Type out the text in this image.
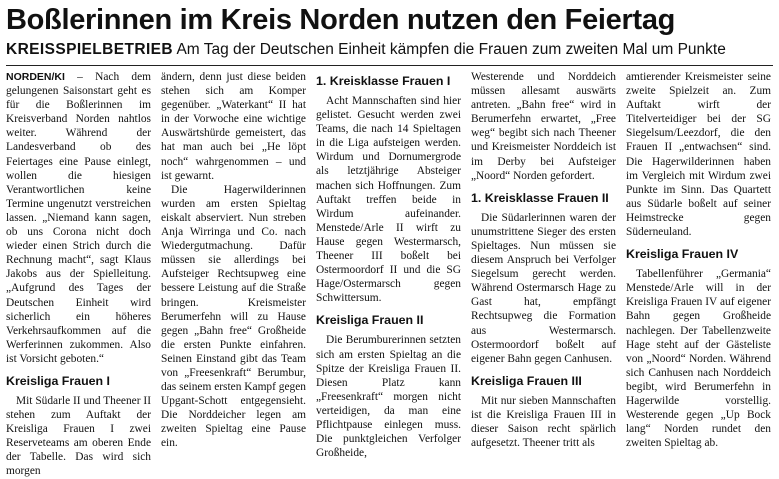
Boßlerinnen im Kreis Norden nutzen den Feiertag
KREISSPIELBETRIEB Am Tag der Deutschen Einheit kämpfen die Frauen zum zweiten Mal um Punkte

NORDEN/KI – Nach dem gelungenen Saisonstart geht es für die Boßlerinnen im Kreisverband Norden nahtlos weiter. Während der Landesverband ob des Feiertages eine Pause einlegt, wollen die hiesigen Verantwortlichen keine Termine ungenutzt verstreichen lassen. „Niemand kann sagen, ob uns Corona nicht doch wieder einen Strich durch die Rechnung macht“, sagt Klaus Jakobs aus der Spielleitung. „Aufgrund des Tages der Deutschen Einheit wird sicherlich ein höheres Verkehrsaufkommen auf die Werferinnen zukommen. Also ist Vorsicht geboten.“

Kreisliga Frauen I

Mit Südarle II und Theener II stehen zum Auftakt der Kreisliga Frauen I zwei Reserveteams am oberen Ende der Tabelle. Das wird sich morgen

ändern, denn just diese beiden stehen sich am Komper gegenüber. „Waterkant“ II hat in der Vorwoche eine wichtige Auswärtshürde gemeistert, das hat man auch bei „He löpt noch“ wahrgenommen – und ist gewarnt.

Die Hagerwilderinnen wurden am ersten Spieltag eiskalt abserviert. Nun streben Anja Wirringa und Co. nach Wiedergutmachung. Dafür müssen sie allerdings bei Aufsteiger Rechtsupweg eine bessere Leistung auf die Straße bringen. Kreismeister Berumerfehn will zu Hause gegen „Bahn free“ Großheide die ersten Punkte einfahren. Seinen Einstand gibt das Team von „Freesenkraft“ Berumbur, das seinem ersten Kampf gegen Upgant-Schott entgegensieht. Die Norddeicher legen am zweiten Spieltag eine Pause ein.

1. Kreisklasse Frauen I

Acht Mannschaften sind hier gelistet. Gesucht werden zwei Teams, die nach 14 Spieltagen in die Liga aufsteigen werden. Wirdum und Dornumergrode als letztjährige Absteiger machen sich Hoffnungen. Zum Auftakt treffen beide in Wirdum aufeinander. Menstede/Arle II wirft zu Hause gegen Westermarsch, Theener III boßelt bei Ostermoordorf II und die SG Hage/Ostermarsch gegen Schwittersum.

Kreisliga Frauen II

Die Berumburerinnen setzten sich am ersten Spieltag an die Spitze der Kreisliga Frauen II. Diesen Platz kann „Freesenkraft“ morgen nicht verteidigen, da man eine Pflichtpause einlegen muss. Die punktgleichen Verfolger Großheide,

Westerende und Norddeich müssen allesamt auswärts antreten. „Bahn free“ wird in Berumerfehn erwartet, „Free weg“ begibt sich nach Theener und Kreismeister Norddeich ist im Derby bei Aufsteiger „Noord“ Norden gefordert.

1. Kreisklasse Frauen II

Die Südarlerinnen waren der unumstrittene Sieger des ersten Spieltages. Nun müssen sie diesem Anspruch bei Verfolger Siegelsum gerecht werden. Während Ostermarsch Hage zu Gast hat, empfängt Rechtsupweg die Formation aus Westermarsch. Ostermoordorf boßelt auf eigener Bahn gegen Canhusen.

Kreisliga Frauen III

Mit nur sieben Mannschaften ist die Kreisliga Frauen III in dieser Saison recht spärlich aufgesetzt. Theener tritt als

amtierender Kreismeister seine zweite Spielzeit an. Zum Auftakt wirft der Titelverteidiger bei der SG Siegelsum/Leezdorf, die den Frauen II „entwachsen“ sind. Die Hagerwilderinnen haben im Vergleich mit Wirdum zwei Punkte im Sinn. Das Quartett aus Südarle boßelt auf seiner Heimstrecke gegen Süderneuland.

Kreisliga Frauen IV

Tabellenführer „Germania“ Menstede/Arle will in der Kreisliga Frauen IV auf eigener Bahn gegen Großheide nachlegen. Der Tabellenzweite Hage steht auf der Gästeliste von „Noord“ Norden. Während sich Canhusen nach Norddeich begibt, wird Berumerfehn in Hagerwilde vorstellig. Westerende gegen „Up Bock lang“ Norden rundet den zweiten Spieltag ab.
